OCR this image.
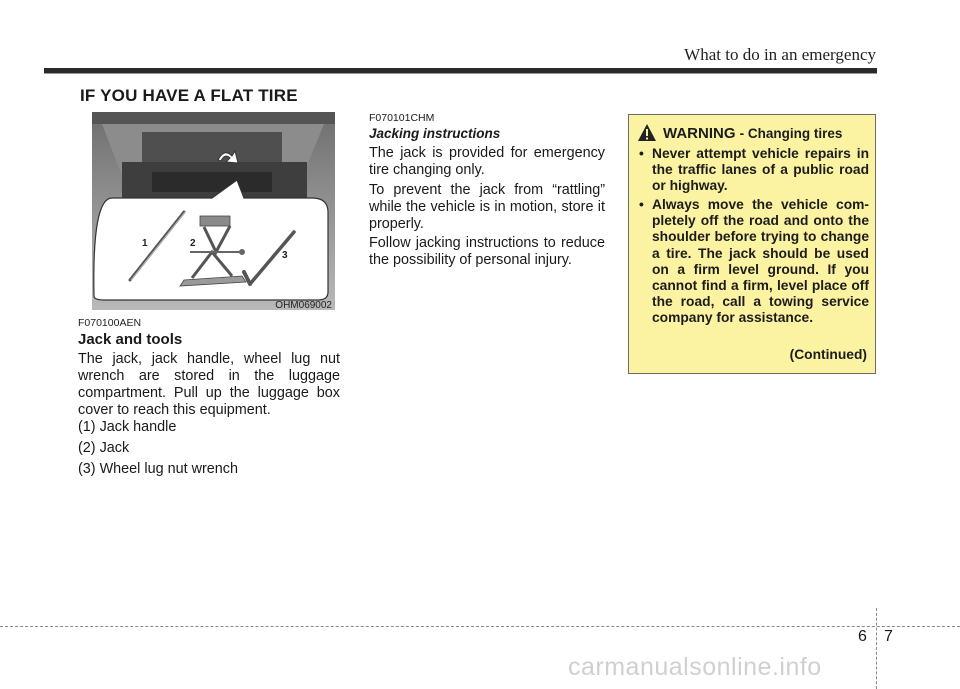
What to do in an emergency
IF YOU HAVE A FLAT TIRE
1	2
3
OHM069002
F070100AEN
Jack and tools
The jack, jack handle, wheel lug nut wrench are stored in the luggage compartment. Pull up the luggage box cover to reach this equipment.
(1) Jack handle
(2) Jack
(3) Wheel lug nut wrench
F070101CHM
Jacking instructions
The jack is provided for emergency tire changing only.
To prevent the jack from “rattling” while the vehicle is in motion, store it properly.
Follow jacking instructions to reduce the possibility of personal injury.
WARNING - Changing tires
• Never attempt vehicle repairs in the traffic lanes of a public road or highway.
• Always move the vehicle com-pletely off the road and onto the shoulder before trying to change a tire. The jack should be used on a firm level ground. If you cannot find a firm, level place off the road, call a towing service company for assistance.
(Continued)
6 7
carmanualsonline.info
